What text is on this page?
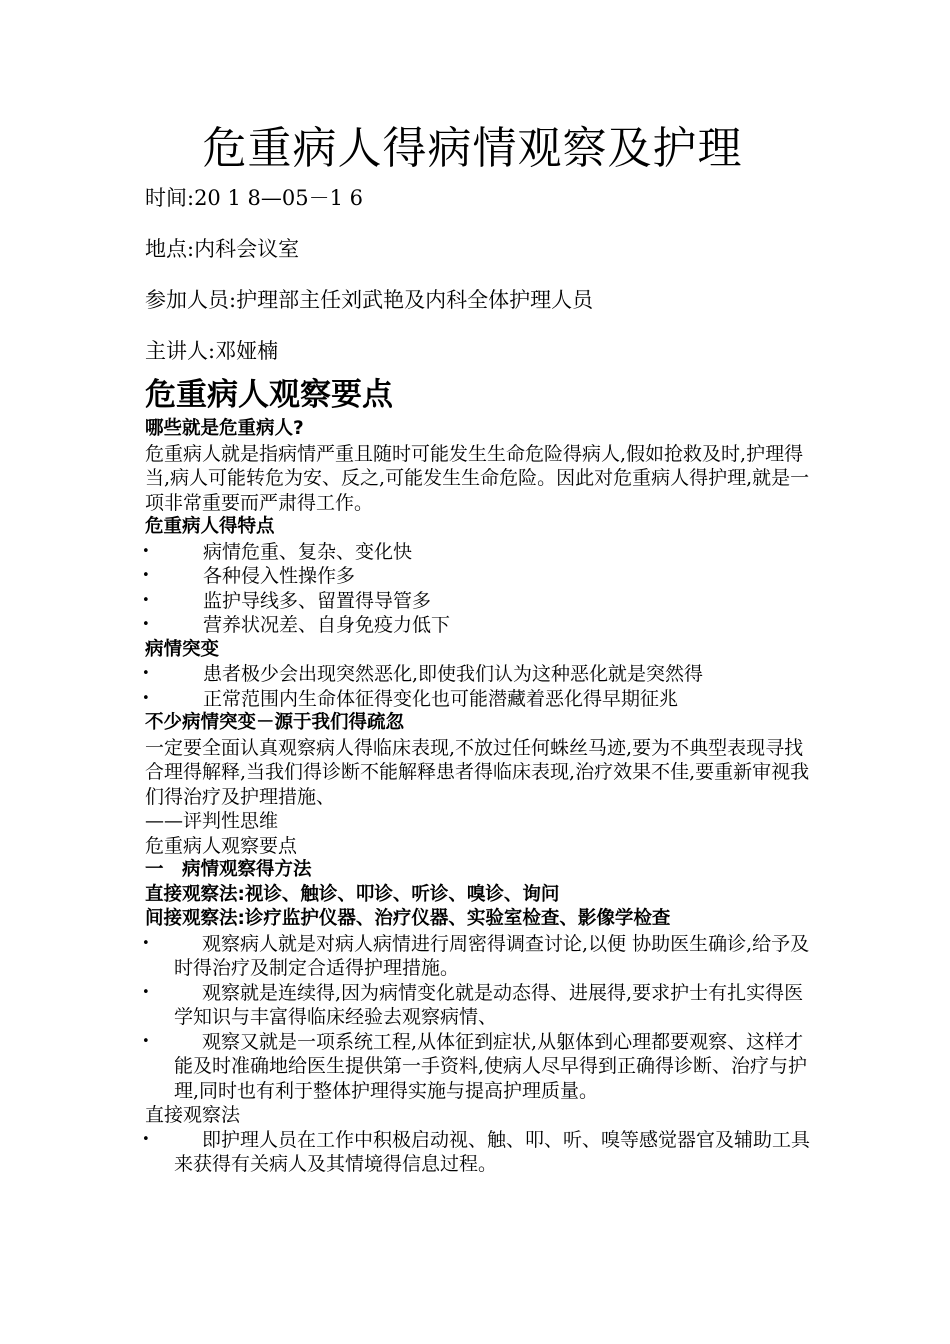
危重病人得病情观察及护理

时间:20 1 8—05－1 6

地点:内科会议室

参加人员:护理部主任刘武艳及内科全体护理人员

主讲人:邓娅楠

危重病人观察要点
哪些就是危重病人?

危重病人就是指病情严重且随时可能发生生命危险得病人,假如抢救及时,护理得当,病人可能转危为安、反之,可能发生生命危险。因此对危重病人得护理,就是一项非常重要而严肃得工作。

危重病人得特点
•	病情危重、复杂、变化快
•	各种侵入性操作多
•	监护导线多、留置得导管多
•	营养状况差、自身免疫力低下
病情突变
•	患者极少会出现突然恶化,即使我们认为这种恶化就是突然得
•	正常范围内生命体征得变化也可能潜藏着恶化得早期征兆
不少病情突变－源于我们得疏忽

一定要全面认真观察病人得临床表现,不放过任何蛛丝马迹,要为不典型表现寻找合理得解释,当我们得诊断不能解释患者得临床表现,治疗效果不佳,要重新审视我们得治疗及护理措施、

——评判性思维

危重病人观察要点

一　病情观察得方法
直接观察法:视诊、触诊、叩诊、听诊、嗅诊、询问
间接观察法:诊疗监护仪器、治疗仪器、实验室检查、影像学检查
•	观察病人就是对病人病情进行周密得调查讨论,以便 协助医生确诊,给予及时得治疗及制定合适得护理措施。
•	观察就是连续得,因为病情变化就是动态得、进展得,要求护士有扎实得医学知识与丰富得临床经验去观察病情、
•	观察又就是一项系统工程,从体征到症状,从躯体到心理都要观察、这样才能及时准确地给医生提供第一手资料,使病人尽早得到正确得诊断、治疗与护理,同时也有利于整体护理得实施与提高护理质量。

直接观察法

•	即护理人员在工作中积极启动视、触、叩、听、嗅等感觉器官及辅助工具来获得有关病人及其情境得信息过程。
